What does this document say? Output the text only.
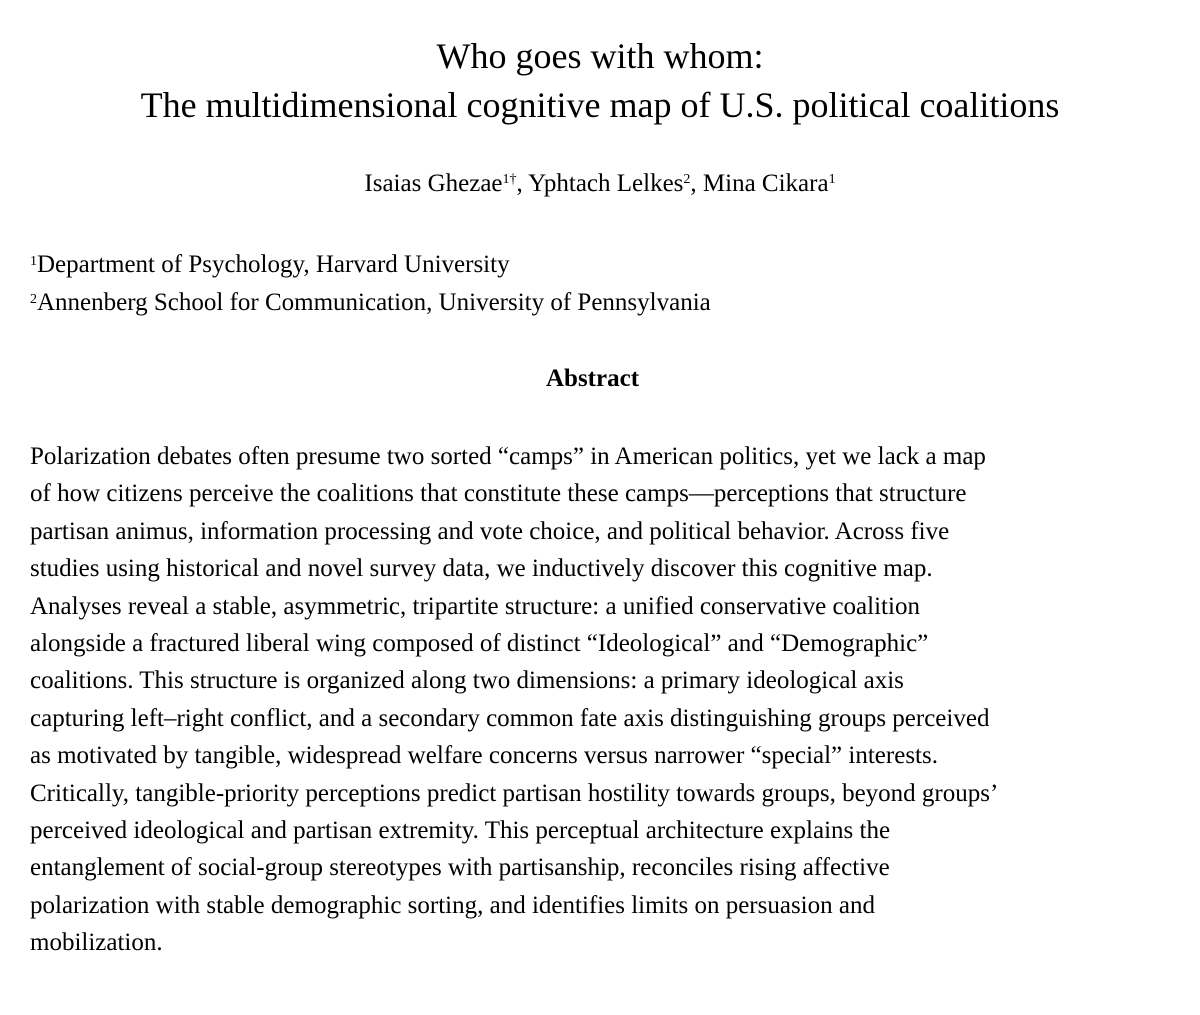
Who goes with whom:
The multidimensional cognitive map of U.S. political coalitions
Isaias Ghezae$^{1\dagger}$, Yphtach Lelkes$^2$, Mina Cikara$^1$
$^1$Department of Psychology, Harvard University
$^2$Annenberg School for Communication, University of Pennsylvania
Abstract
Polarization debates often presume two sorted “camps” in American politics, yet we lack a map
of how citizens perceive the coalitions that constitute these camps—perceptions that structure
partisan animus, information processing and vote choice, and political behavior. Across five
studies using historical and novel survey data, we inductively discover this cognitive map.
Analyses reveal a stable, asymmetric, tripartite structure: a unified conservative coalition
alongside a fractured liberal wing composed of distinct “Ideological” and “Demographic”
coalitions. This structure is organized along two dimensions: a primary ideological axis
capturing left–right conflict, and a secondary common fate axis distinguishing groups perceived
as motivated by tangible, widespread welfare concerns versus narrower “special” interests.
Critically, tangible-priority perceptions predict partisan hostility towards groups, beyond groups’
perceived ideological and partisan extremity. This perceptual architecture explains the
entanglement of social-group stereotypes with partisanship, reconciles rising affective
polarization with stable demographic sorting, and identifies limits on persuasion and
mobilization.
